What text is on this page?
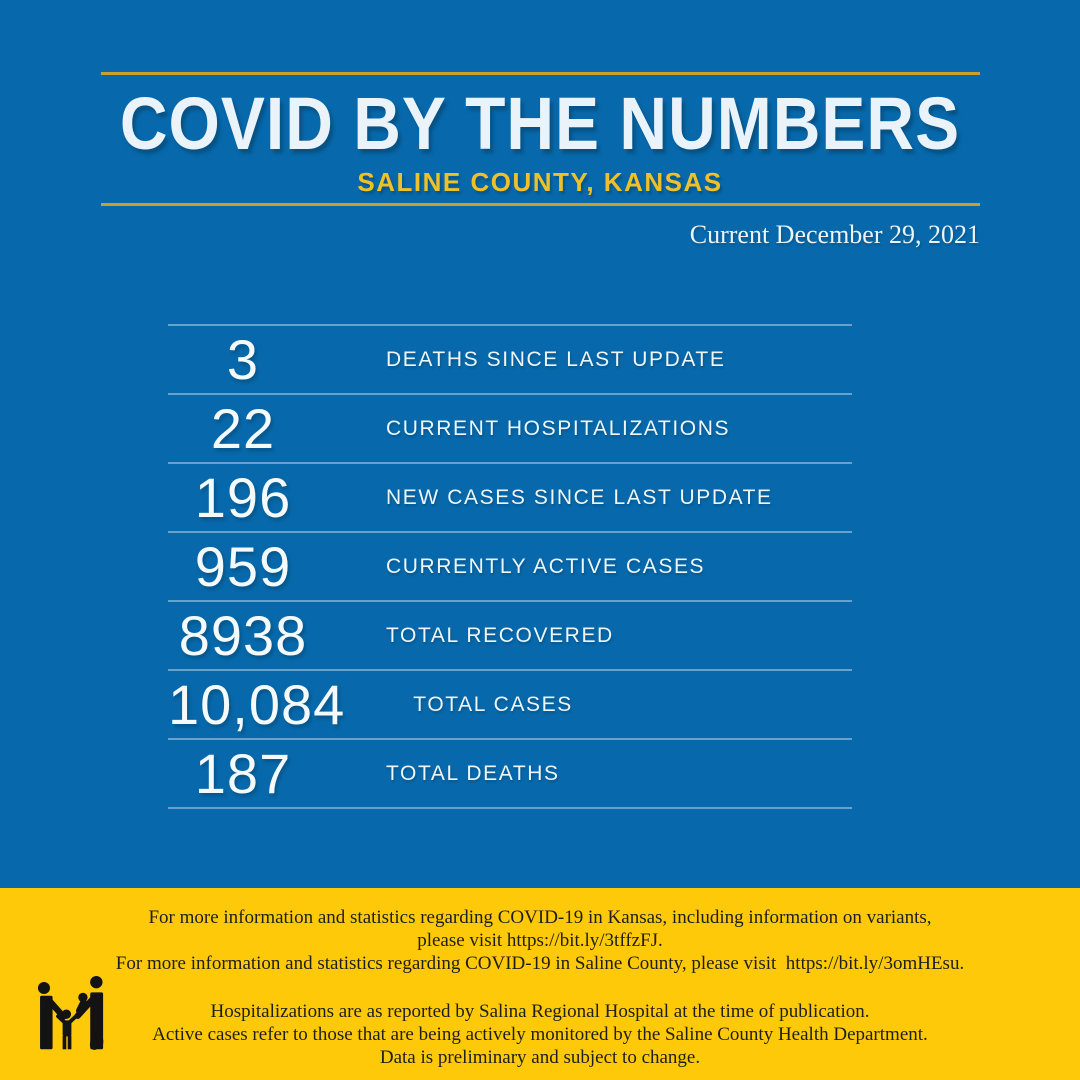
COVID BY THE NUMBERS
SALINE COUNTY, KANSAS
Current December 29, 2021
3	DEATHS SINCE LAST UPDATE
22	CURRENT HOSPITALIZATIONS
196	NEW CASES SINCE LAST UPDATE
959	CURRENTLY ACTIVE CASES
8938	TOTAL RECOVERED
10,084	TOTAL CASES
187	TOTAL DEATHS
For more information and statistics regarding COVID-19 in Kansas, including information on variants,
please visit https://bit.ly/3tffzFJ.
For more information and statistics regarding COVID-19 in Saline County, please visit  https://bit.ly/3omHEsu.
Hospitalizations are as reported by Salina Regional Hospital at the time of publication.
Active cases refer to those that are being actively monitored by the Saline County Health Department.
Data is preliminary and subject to change.
